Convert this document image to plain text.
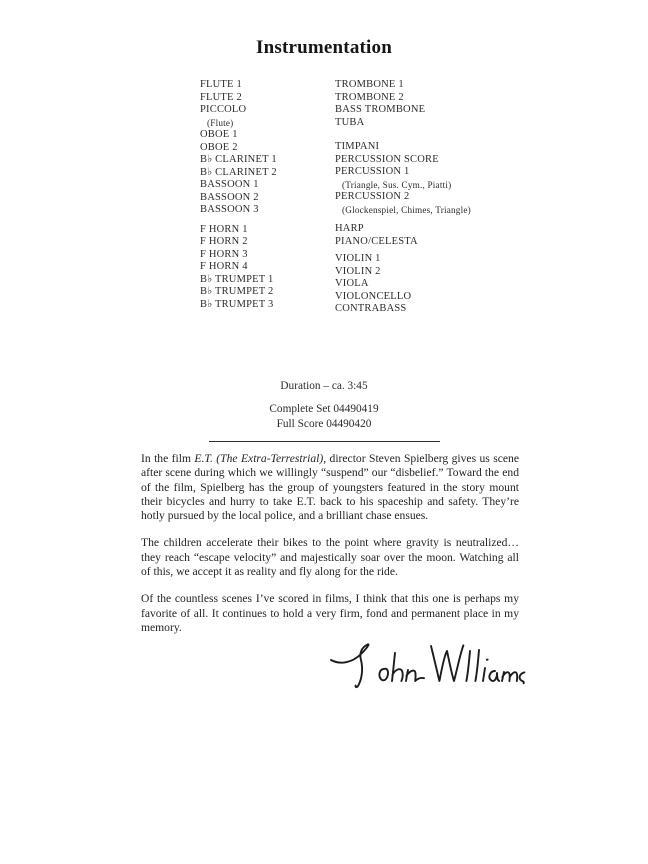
Instrumentation
FLUTE 1
FLUTE 2
PICCOLO
(Flute)
OBOE 1
OBOE 2
B♭ CLARINET 1
B♭ CLARINET 2
BASSOON 1
BASSOON 2
BASSOON 3
F HORN 1
F HORN 2
F HORN 3
F HORN 4
B♭ TRUMPET 1
B♭ TRUMPET 2
B♭ TRUMPET 3
TROMBONE 1
TROMBONE 2
BASS TROMBONE
TUBA
TIMPANI
PERCUSSION SCORE
PERCUSSION 1
(Triangle, Sus. Cym., Piatti)
PERCUSSION 2
(Glockenspiel, Chimes, Triangle)
HARP
PIANO/CELESTA
VIOLIN 1
VIOLIN 2
VIOLA
VIOLONCELLO
CONTRABASS
Duration – ca. 3:45
Complete Set 04490419
Full Score 04490420

In the film E.T. (The Extra-Terrestrial), director Steven Spielberg gives us scene after scene during which we willingly “suspend” our “disbelief.” Toward the end of the film, Spielberg has the group of youngsters featured in the story mount their bicycles and hurry to take E.T. back to his spaceship and safety. They’re hotly pursued by the local police, and a brilliant chase ensues.

The children accelerate their bikes to the point where gravity is neutralized… they reach “escape velocity” and majestically soar over the moon. Watching all of this, we accept it as reality and fly along for the ride.

Of the countless scenes I’ve scored in films, I think that this one is perhaps my favorite of all. It continues to hold a very firm, fond and permanent place in my memory.
